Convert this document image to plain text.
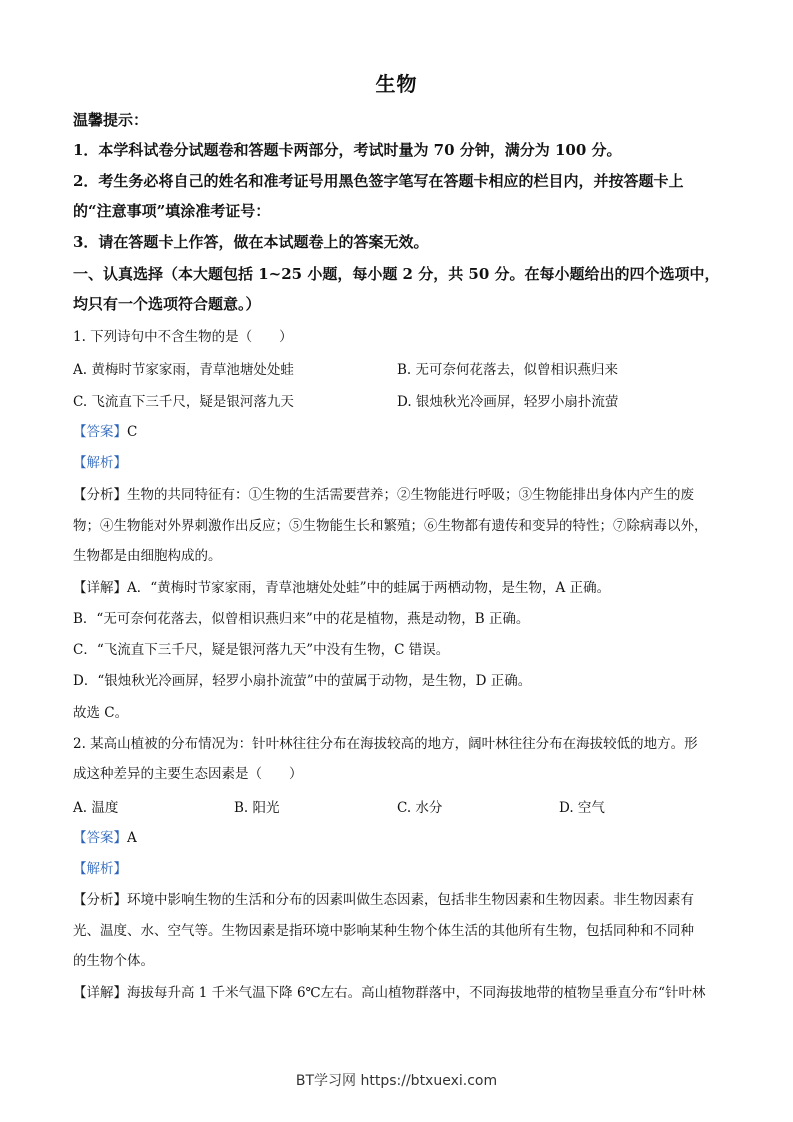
生物
温馨提示：
1．本学科试卷分试题卷和答题卡两部分，考试时量为 70 分钟，满分为 100 分。
2．考生务必将自己的姓名和准考证号用黑色签字笔写在答题卡相应的栏目内，并按答题卡上
的“注意事项”填涂准考证号：
3．请在答题卡上作答，做在本试题卷上的答案无效。
一、认真选择（本大题包括 1~25 小题，每小题 2 分，共 50 分。在每小题给出的四个选项中，
均只有一个选项符合题意。）
1. 下列诗句中不含生物的是（　　）
A. 黄梅时节家家雨，青草池塘处处蛙	B. 无可奈何花落去，似曾相识燕归来
C. 飞流直下三千尺，疑是银河落九天	D. 银烛秋光冷画屏，轻罗小扇扑流萤
【答案】C
【解析】
【分析】生物的共同特征有：①生物的生活需要营养；②生物能进行呼吸；③生物能排出身体内产生的废
物；④生物能对外界刺激作出反应；⑤生物能生长和繁殖；⑥生物都有遗传和变异的特性；⑦除病毒以外，
生物都是由细胞构成的。
【详解】A．“黄梅时节家家雨，青草池塘处处蛙”中的蛙属于两栖动物，是生物，A 正确。
B．“无可奈何花落去，似曾相识燕归来”中的花是植物，燕是动物，B 正确。
C．“飞流直下三千尺，疑是银河落九天”中没有生物，C 错误。
D．“银烛秋光冷画屏，轻罗小扇扑流萤”中的萤属于动物，是生物，D 正确。
故选 C。
2. 某高山植被的分布情况为：针叶林往往分布在海拔较高的地方，阔叶林往往分布在海拔较低的地方。形
成这种差异的主要生态因素是（　　）
A. 温度	B. 阳光	C. 水分	D. 空气
【答案】A
【解析】
【分析】环境中影响生物的生活和分布的因素叫做生态因素，包括非生物因素和生物因素。非生物因素有
光、温度、水、空气等。生物因素是指环境中影响某种生物个体生活的其他所有生物，包括同种和不同种
的生物个体。
【详解】海拔每升高 1 千米气温下降 6℃左右。高山植物群落中，不同海拔地带的植物呈垂直分布“针叶林
BT学习网 https://btxuexi.com
